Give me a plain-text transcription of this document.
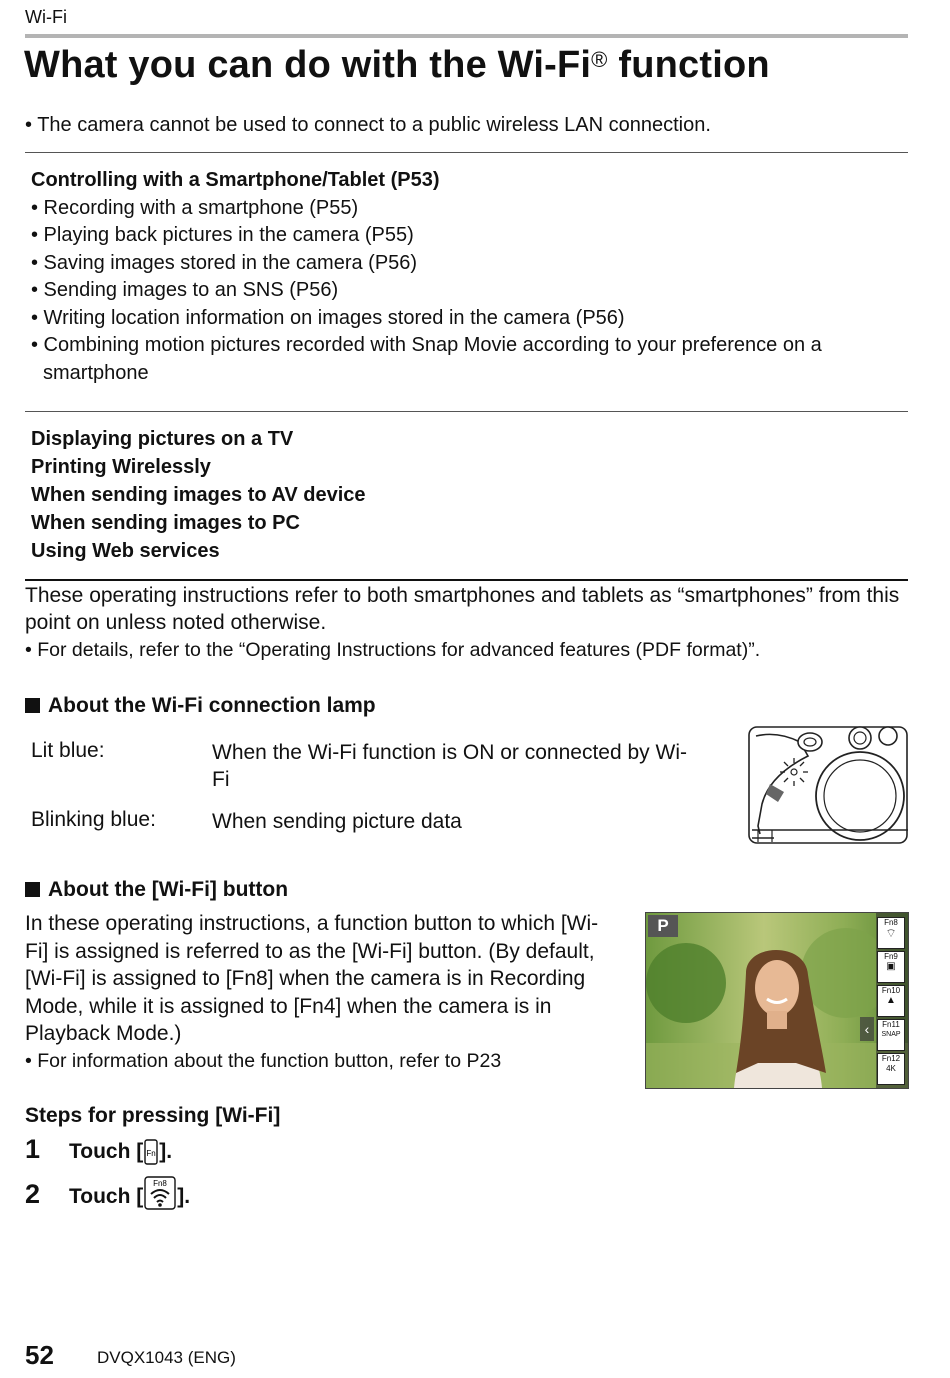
Wi-Fi
What you can do with the Wi-Fi® function
• The camera cannot be used to connect to a public wireless LAN connection.
Controlling with a Smartphone/Tablet (P53)
• Recording with a smartphone (P55)
• Playing back pictures in the camera (P55)
• Saving images stored in the camera (P56)
• Sending images to an SNS (P56)
• Writing location information on images stored in the camera (P56)
• Combining motion pictures recorded with Snap Movie according to your preference on a smartphone
Displaying pictures on a TV
Printing Wirelessly
When sending images to AV device
When sending images to PC
Using Web services
These operating instructions refer to both smartphones and tablets as “smartphones” from this point on unless noted otherwise.
• For details, refer to the “Operating Instructions for advanced features (PDF format)”.
About the Wi-Fi connection lamp
Lit blue:	When the Wi-Fi function is ON or connected by Wi-Fi
Blinking blue:	When sending picture data
About the [Wi-Fi] button
In these operating instructions, a function button to which [Wi-Fi] is assigned is referred to as the [Wi-Fi] button. (By default, [Wi-Fi] is assigned to [Fn8] when the camera is in Recording Mode, while it is assigned to [Fn4] when the camera is in Playback Mode.)
• For information about the function button, refer to P23
P	Fn8
⌔
Fn9
▣
Fn10
▲
Fn11
SNAP
Fn12
4K
‹
Steps for pressing [Wi-Fi]
1 Touch [ Fn ].
2 Touch [
Fn8
].
52	DVQX1043 (ENG)
